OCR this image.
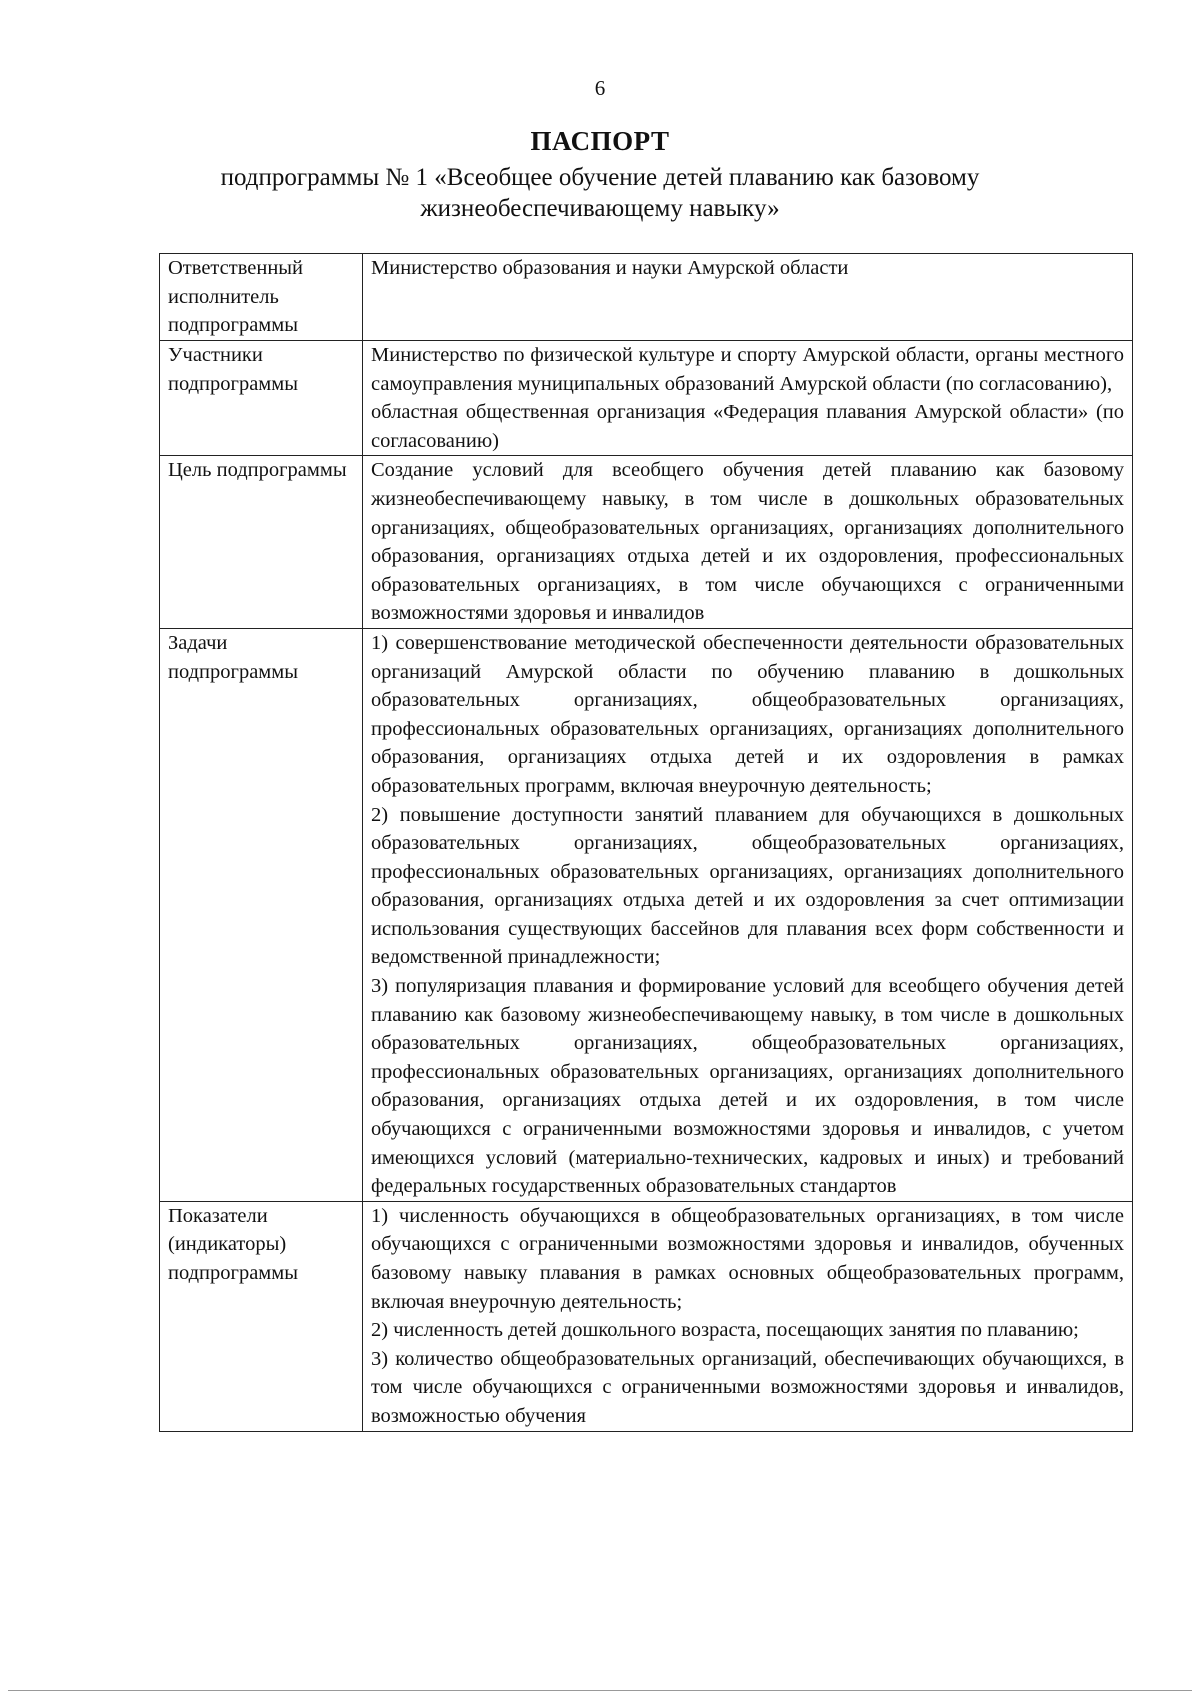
6
ПАСПОРТ
подпрограммы № 1 «Всеобщее обучение детей плаванию как базовому
жизнеобеспечивающему навыку»
Ответственный исполнитель подпрограммы	Министерство образования и науки Амурской области

Участники подпрограммы	Министерство по физической культуре и спорту Амурской области, органы местного самоуправления муниципальных образований Амурской области (по согласованию),
областная общественная организация «Федерация плавания Амурской области» (по согласованию)

Цель подпрограммы	Создание условий для всеобщего обучения детей плаванию как базовому жизнеобеспечивающему навыку, в том числе в дошкольных образовательных организациях, общеобразовательных организациях, организациях дополнительного образования, организациях отдыха детей и их оздоровления, профессиональных образовательных организациях, в том числе обучающихся с ограниченными возможностями здоровья и инвалидов

Задачи подпрограммы	1) совершенствование методической обеспеченности деятельности образовательных организаций Амурской области по обучению плаванию в дошкольных образовательных организациях, общеобразовательных организациях, профессиональных образовательных организациях, организациях дополнительного образования, организациях отдыха детей и их оздоровления в рамках образовательных программ, включая внеурочную деятельность;
2) повышение доступности занятий плаванием для обучающихся в дошкольных образовательных организациях, общеобразовательных организациях, профессиональных образовательных организациях, организациях дополнительного образования, организациях отдыха детей и их оздоровления за счет оптимизации использования существующих бассейнов для плавания всех форм собственности и ведомственной принадлежности;
3) популяризация плавания и формирование условий для всеобщего обучения детей плаванию как базовому жизнеобеспечивающему навыку, в том числе в дошкольных образовательных организациях, общеобразовательных организациях, профессиональных образовательных организациях, организациях дополнительного образования, организациях отдыха детей и их оздоровления, в том числе обучающихся с ограниченными возможностями здоровья и инвалидов, с учетом имеющихся условий (материально-технических, кадровых и иных) и требований федеральных государственных образовательных стандартов

Показатели (индикаторы) подпрограммы	1) численность обучающихся в общеобразовательных организациях, в том числе обучающихся с ограниченными возможностями здоровья и инвалидов, обученных базовому навыку плавания в рамках основных общеобразовательных программ, включая внеурочную деятельность;
2) численность детей дошкольного возраста, посещающих занятия по плаванию;
3) количество общеобразовательных организаций, обеспечивающих обучающихся, в том числе обучающихся с ограниченными возможностями здоровья и инвалидов, возможностью обучения
